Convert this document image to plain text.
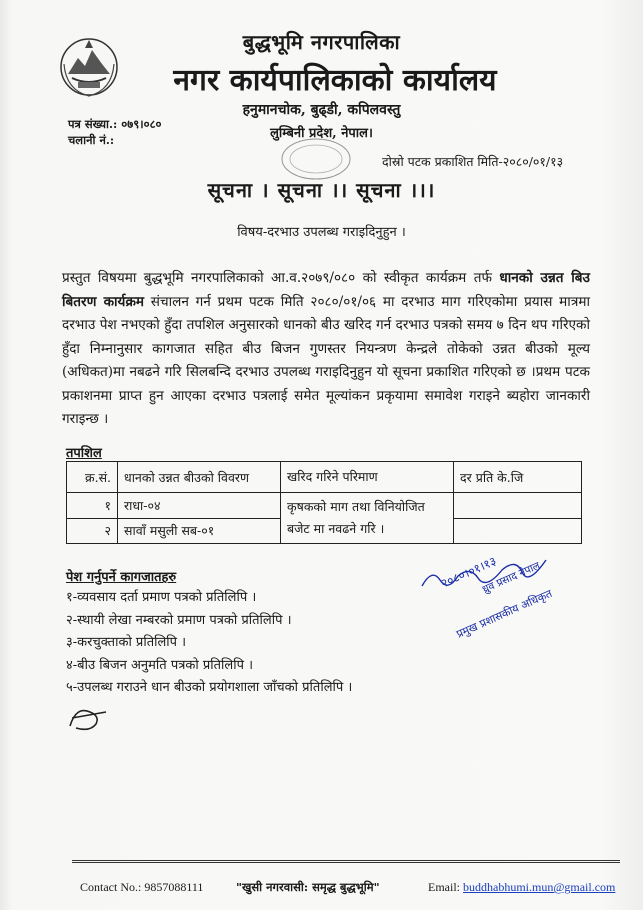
बुद्धभूमि नगरपालिका
नगर कार्यपालिकाको कार्यालय
हनुमानचोक, बुढ्डी, कपिलवस्तु
लुम्बिनी प्रदेश, नेपाल।
पत्र संख्या.: ०७९।०८०
चलानी नं.:
दोस्रो पटक प्रकाशित मिति-२०८०/०१/१३
सूचना । सूचना ।। सूचना ।।।
विषय-दरभाउ उपलब्ध गराइदिनुहुन ।
प्रस्तुत विषयमा बुद्धभूमि नगरपालिकाको आ.व.२०७९/०८० को स्वीकृत कार्यक्रम तर्फ धानको उन्नत बिउ बितरण कार्यक्रम संचालन गर्न प्रथम पटक मिति २०८०/०१/०६ मा दरभाउ माग गरिएकोमा प्रयास मात्रमा दरभाउ पेश नभएको हुँदा तपशिल अनुसारको धानको बीउ खरिद गर्न दरभाउ पत्रको समय ७ दिन थप गरिएको हुँदा निम्नानुसार कागजात सहित बीउ बिजन गुणस्तर नियन्त्रण केन्द्रले तोकेको उन्नत बीउको मूल्य (अधिकत)मा नबढने गरि सिलबन्दि दरभाउ उपलब्ध गराइदिनुहुन यो सूचना प्रकाशित गरिएको छ ।प्रथम पटक प्रकाशनमा प्राप्त हुन आएका दरभाउ पत्रलाई समेत मूल्यांकन प्रकृयामा समावेश गराइने ब्यहोरा जानकारी गराइन्छ ।
तपशिल
क्र.सं.	धानको उन्नत बीउको विवरण	खरिद गरिने परिमाण	दर प्रति के.जि
१	राधा-०४	कृषकको माग तथा विनियोजित बजेट मा नवढने गरि ।	
२	सावाँ मसुली सब-०१		
२०८०।०१।१३
ध्रुव प्रसाद नेपाल
प्रमुख प्रशासकीय अधिकृत
पेश गर्नुपर्ने कागजातहरु
१-व्यवसाय दर्ता प्रमाण पत्रको प्रतिलिपि ।
२-स्थायी लेखा नम्बरको प्रमाण पत्रको प्रतिलिपि ।
३-करचुक्ताको प्रतिलिपि ।
४-बीउ बिजन अनुमति पत्रको प्रतिलिपि ।
५-उपलब्ध गराउने धान बीउको प्रयोगशाला जाँचको प्रतिलिपि ।
Contact No.: 9857088111	"खुसी नगरवासी: समृद्ध बुद्धभूमि"	Email: buddhabhumi.mun@gmail.com
